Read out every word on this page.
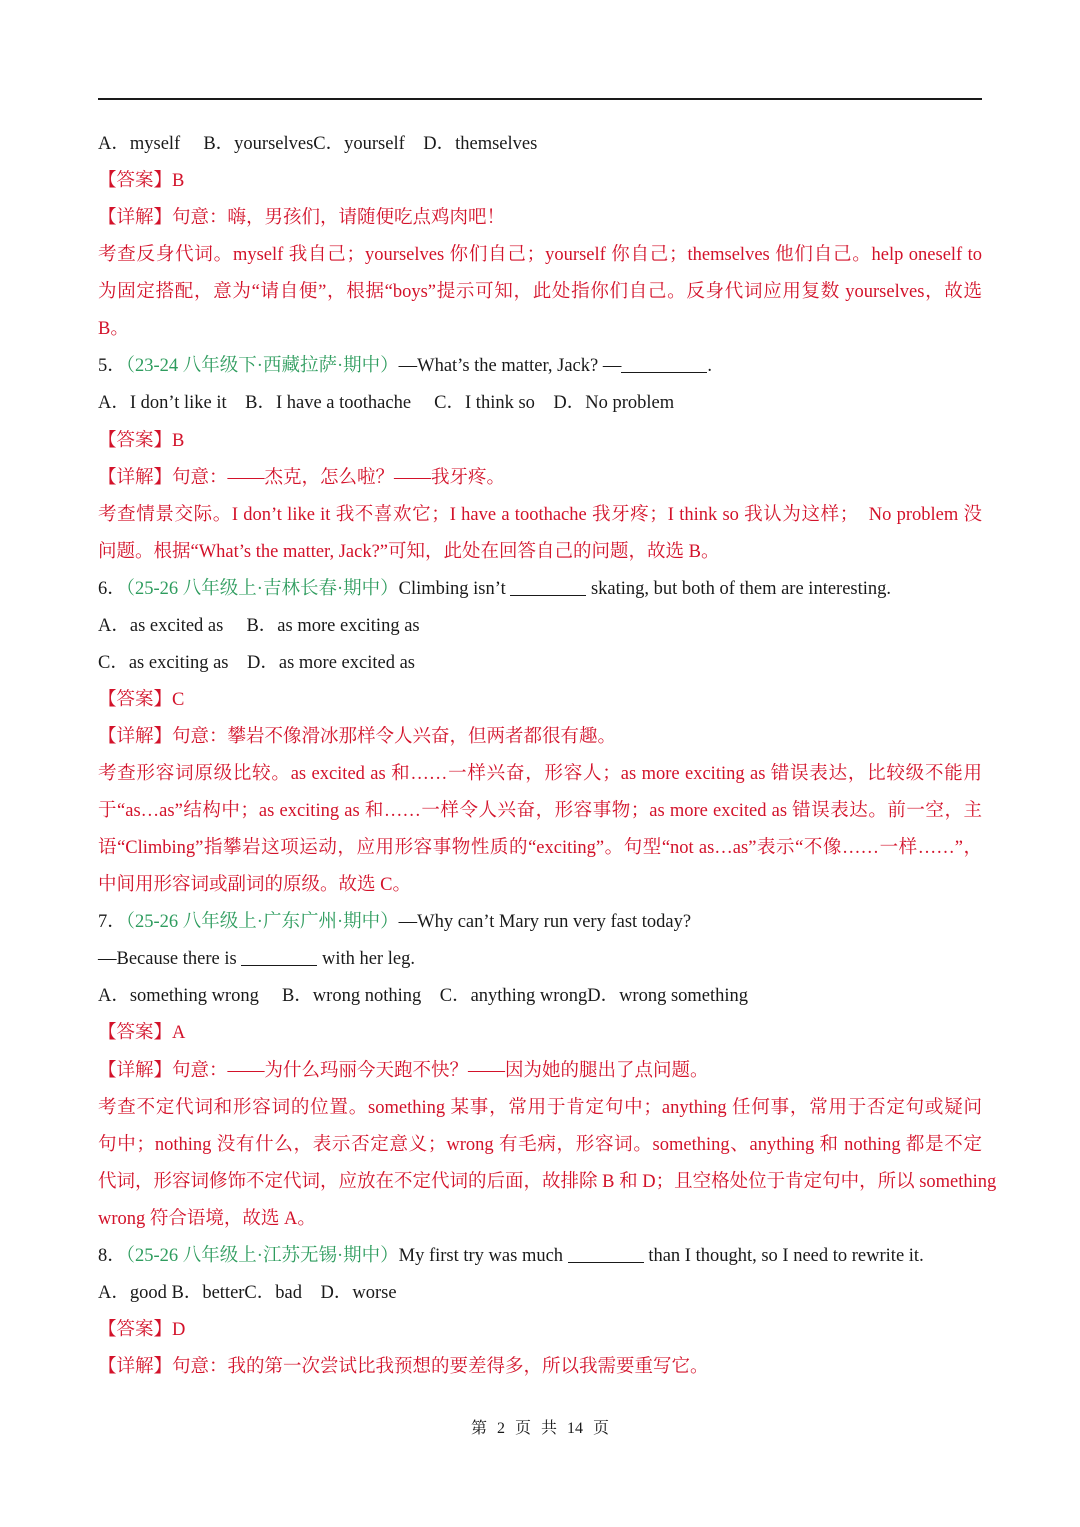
A．myself　 B．yourselvesC．yourself　D．themselves
【答案】B
【详解】句意：嗨，男孩们，请随便吃点鸡肉吧！
考查反身代词。myself 我自己；yourselves 你们自己；yourself 你自己；themselves 他们自己。help oneself to
为固定搭配，意为“请自便”，根据“boys”提示可知，此处指你们自己。反身代词应用复数 yourselves，故选
B。
5．（23-24 八年级下·西藏拉萨·期中）—What’s the matter, Jack? —	.
A．I don’t like it　B．I have a toothache　 C．I think so　D．No problem
【答案】B
【详解】句意：——杰克，怎么啦？——我牙疼。
考查情景交际。I don’t like it 我不喜欢它；I have a toothache 我牙疼；I think so 我认为这样；　No problem 没
问题。根据“What’s the matter, Jack?”可知，此处在回答自己的问题，故选 B。
6．（25-26 八年级上·吉林长春·期中）Climbing isn’t	skating, but both of them are interesting.
A．as excited as　 B．as more exciting as
C．as exciting as　D．as more excited as
【答案】C
【详解】句意：攀岩不像滑冰那样令人兴奋，但两者都很有趣。
考查形容词原级比较。as excited as 和……一样兴奋，形容人；as more exciting as 错误表达，比较级不能用
于“as…as”结构中；as exciting as 和……一样令人兴奋，形容事物；as more excited as 错误表达。前一空，主
语“Climbing”指攀岩这项运动，应用形容事物性质的“exciting”。句型“not as…as”表示“不像……一样……”，
中间用形容词或副词的原级。故选 C。
7．（25-26 八年级上·广东广州·期中）—Why can’t Mary run very fast today?
—Because there is	with her leg.
A．something wrong　 B．wrong nothing　C．anything wrongD．wrong something
【答案】A
【详解】句意：——为什么玛丽今天跑不快？——因为她的腿出了点问题。
考查不定代词和形容词的位置。something 某事，常用于肯定句中；anything 任何事，常用于否定句或疑问
句中；nothing 没有什么，表示否定意义；wrong 有毛病，形容词。something、anything 和 nothing 都是不定
代词，形容词修饰不定代词，应放在不定代词的后面，故排除 B 和 D；且空格处位于肯定句中，所以 something
wrong 符合语境，故选 A。
8．（25-26 八年级上·江苏无锡·期中）My first try was much	than I thought, so I need to rewrite it.
A．good B．betterC．bad　D．worse
【答案】D
【详解】句意：我的第一次尝试比我预想的要差得多，所以我需要重写它。
第 2 页 共 14 页
